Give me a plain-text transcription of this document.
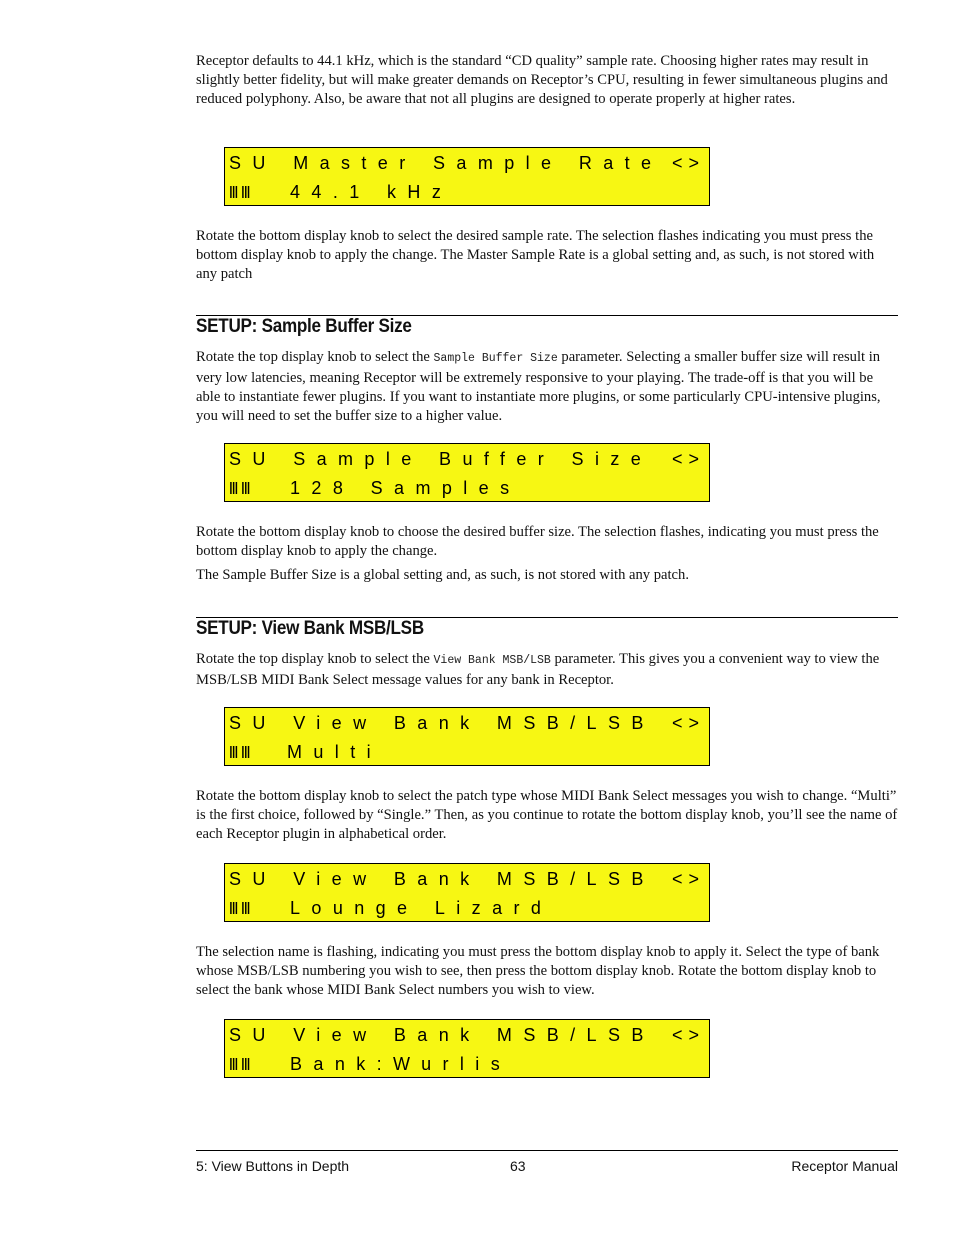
Receptor defaults to 44.1 kHz, which is the standard “CD quality” sample rate. Choosing higher rates may result in slightly better fidelity, but will make greater demands on Receptor’s CPU, resulting in fewer simultaneous plugins and reduced polyphony. Also, be aware that not all plugins are designed to operate properly at higher rates.

SU Master Sample Rate <>
lll lll 44.1 kHz

Rotate the bottom display knob to select the desired sample rate. The selection flashes indicating you must press the bottom display knob to apply the change. The Master Sample Rate is a global setting and, as such, is not stored with any patch

SETUP: Sample Buffer Size

Rotate the top display knob to select the Sample Buffer Size parameter. Selecting a smaller buffer size will result in very low latencies, meaning Receptor will be extremely responsive to your playing. The trade-off is that you will be able to instantiate fewer plugins. If you want to instantiate more plugins, or some particularly CPU-intensive plugins, you will need to set the buffer size to a higher value.

SU Sample Buffer Size <>
lll lll 128 Samples

Rotate the bottom display knob to choose the desired buffer size. The selection flashes, indicating you must press the bottom display knob to apply the change.

The Sample Buffer Size is a global setting and, as such, is not stored with any patch.

SETUP: View Bank MSB/LSB

Rotate the top display knob to select the View Bank MSB/LSB parameter. This gives you a convenient way to view the MSB/LSB MIDI Bank Select message values for any bank in Receptor.

SU View Bank MSB/LSB <>
lll lll Multi

Rotate the bottom display knob to select the patch type whose MIDI Bank Select messages you wish to change. “Multi” is the first choice, followed by “Single.” Then, as you continue to rotate the bottom display knob, you’ll see the name of each Receptor plugin in alphabetical order.

SU View Bank MSB/LSB <>
lll lll Lounge Lizard

The selection name is flashing, indicating you must press the bottom display knob to apply it. Select the type of bank whose MSB/LSB numbering you wish to see, then press the bottom display knob. Rotate the bottom display knob to select the bank whose MIDI Bank Select numbers you wish to view.

SU View Bank MSB/LSB <>
lll lll Bank:Wurlis
5: View Buttons in Depth	63	Receptor Manual
